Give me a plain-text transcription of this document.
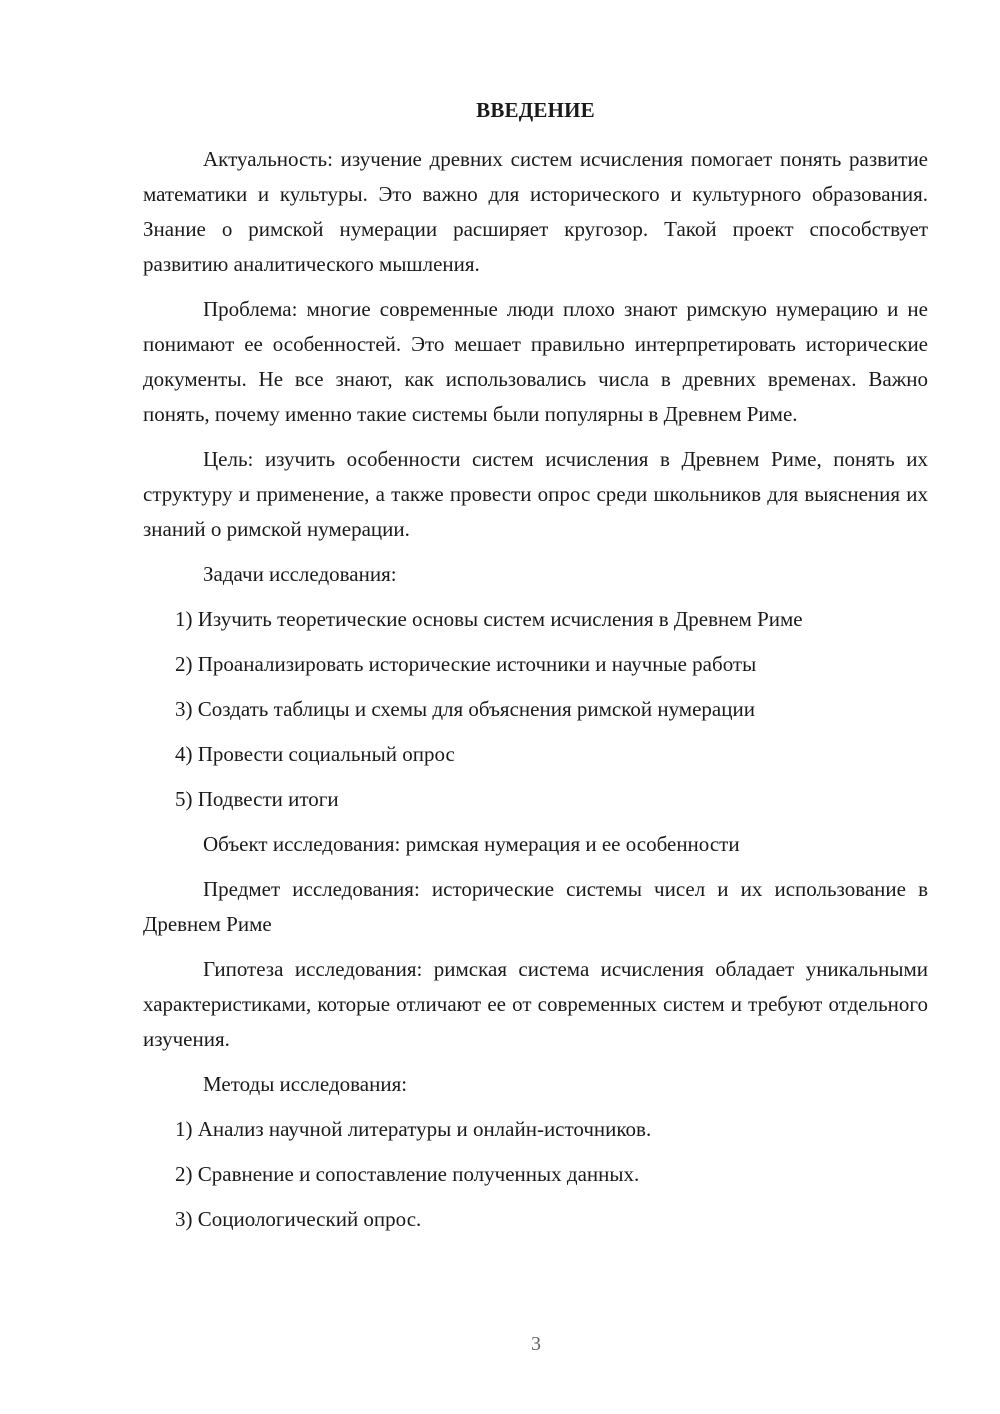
ВВЕДЕНИЕ

Актуальность: изучение древних систем исчисления помогает понять развитие математики и культуры. Это важно для исторического и культурного образования. Знание о римской нумерации расширяет кругозор. Такой проект способствует развитию аналитического мышления.

Проблема: многие современные люди плохо знают римскую нумерацию и не понимают ее особенностей. Это мешает правильно интерпретировать исторические документы. Не все знают, как использовались числа в древних временах. Важно понять, почему именно такие системы были популярны в Древнем Риме.

Цель: изучить особенности систем исчисления в Древнем Риме, понять их структуру и применение, а также провести опрос среди школьников для выяснения их знаний о римской нумерации.

Задачи исследования:

1) Изучить теоретические основы систем исчисления в Древнем Риме

2) Проанализировать исторические источники и научные работы

3) Создать таблицы и схемы для объяснения римской нумерации

4) Провести социальный опрос

5) Подвести итоги

Объект исследования: римская нумерация и ее особенности

Предмет исследования: исторические системы чисел и их использование в Древнем Риме

Гипотеза исследования: римская система исчисления обладает уникальными характеристиками, которые отличают ее от современных систем и требуют отдельного изучения.

Методы исследования:

1) Анализ научной литературы и онлайн-источников.

2) Сравнение и сопоставление полученных данных.

3) Социологический опрос.

3
